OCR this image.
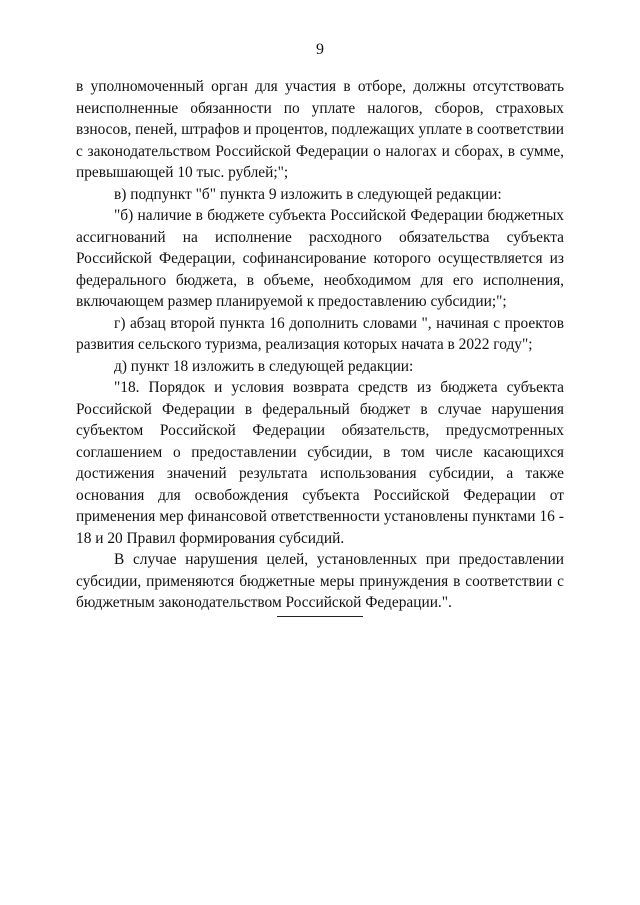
9

в уполномоченный орган для участия в отборе, должны отсутствовать неисполненные обязанности по уплате налогов, сборов, страховых взносов, пеней, штрафов и процентов, подлежащих уплате в соответствии с законодательством Российской Федерации о налогах и сборах, в сумме, превышающей 10 тыс. рублей;";

в) подпункт "б" пункта 9 изложить в следующей редакции:

"б) наличие в бюджете субъекта Российской Федерации бюджетных ассигнований на исполнение расходного обязательства субъекта Российской Федерации, софинансирование которого осуществляется из федерального бюджета, в объеме, необходимом для его исполнения, включающем размер планируемой к предоставлению субсидии;";

г) абзац второй пункта 16 дополнить словами ", начиная с проектов развития сельского туризма, реализация которых начата в 2022 году";

д) пункт 18 изложить в следующей редакции:

"18. Порядок и условия возврата средств из бюджета субъекта Российской Федерации в федеральный бюджет в случае нарушения субъектом Российской Федерации обязательств, предусмотренных соглашением о предоставлении субсидии, в том числе касающихся достижения значений результата использования субсидии, а также основания для освобождения субъекта Российской Федерации от применения мер финансовой ответственности установлены пунктами 16 - 18 и 20 Правил формирования субсидий.

В случае нарушения целей, установленных при предоставлении субсидии, применяются бюджетные меры принуждения в соответствии с бюджетным законодательством Российской Федерации.".
